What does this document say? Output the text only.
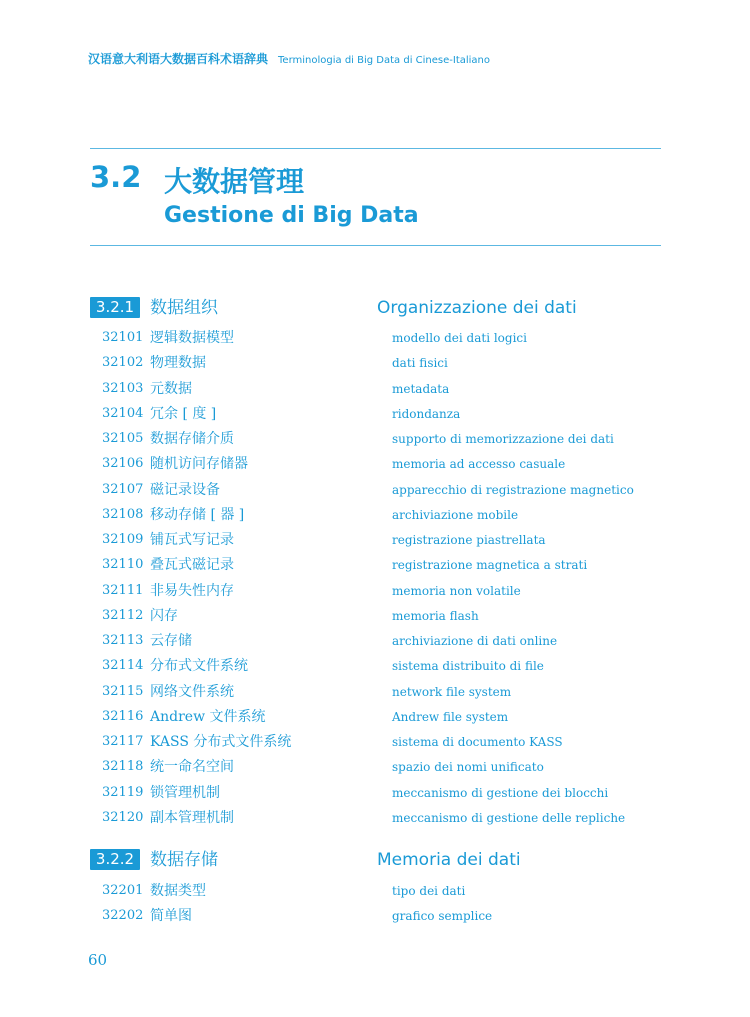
汉语意大利语大数据百科术语辞典 Terminologia di Big Data di Cinese-Italiano
3.2 大数据管理
Gestione di Big Data
3.2.1 数据组织	Organizzazione dei dati
32101 逻辑数据模型	modello dei dati logici
32102 物理数据	dati fisici
32103 元数据	metadata
32104 冗余 [ 度 ]	ridondanza
32105 数据存储介质	supporto di memorizzazione dei dati
32106 随机访问存储器	memoria ad accesso casuale
32107 磁记录设备	apparecchio di registrazione magnetico
32108 移动存储 [ 器 ]	archiviazione mobile
32109 铺瓦式写记录	registrazione piastrellata
32110 叠瓦式磁记录	registrazione magnetica a strati
32111 非易失性内存	memoria non volatile
32112 闪存	memoria flash
32113 云存储	archiviazione di dati online
32114 分布式文件系统	sistema distribuito di file
32115 网络文件系统	network file system
32116 Andrew 文件系统	Andrew file system
32117 KASS 分布式文件系统	sistema di documento KASS
32118 统一命名空间	spazio dei nomi unificato
32119 锁管理机制	meccanismo di gestione dei blocchi
32120 副本管理机制	meccanismo di gestione delle repliche
3.2.2 数据存储	Memoria dei dati
32201 数据类型	tipo dei dati
32202 简单图	grafico semplice
60
